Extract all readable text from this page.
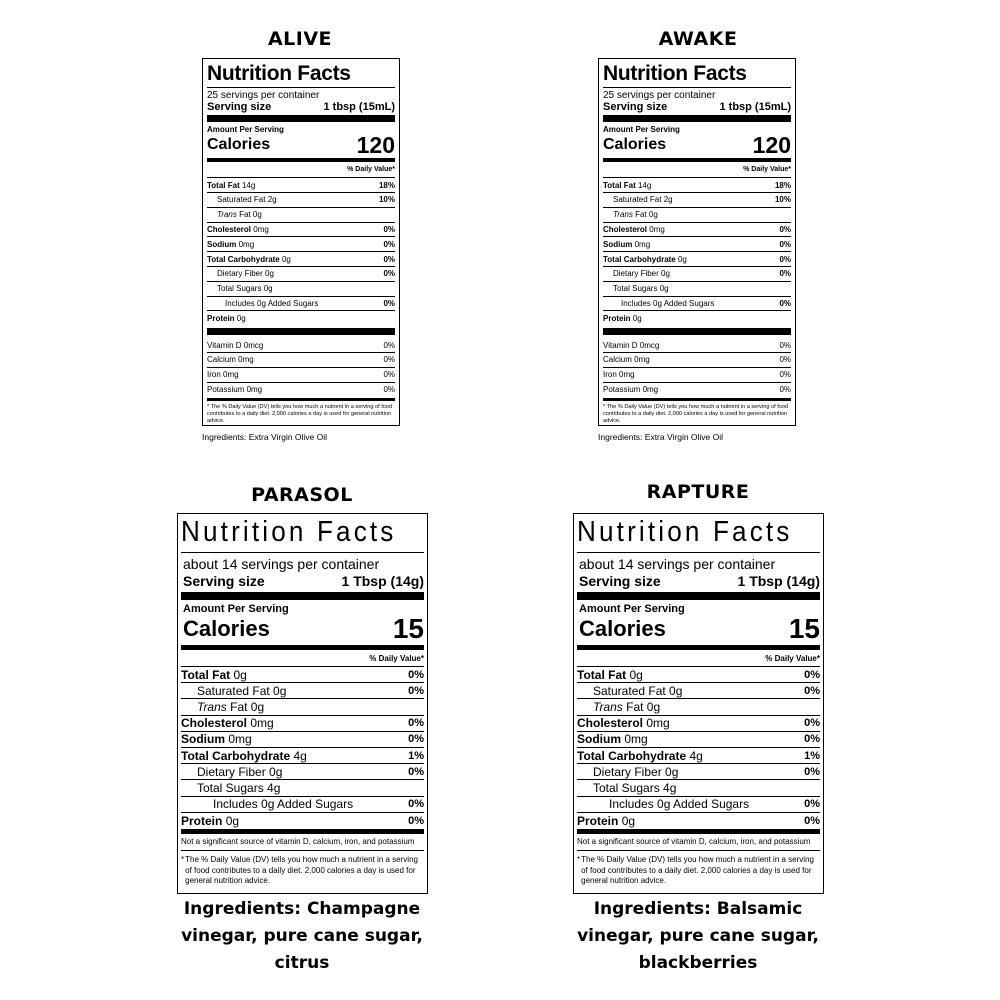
ALIVE
Nutrition Facts
25 servings per container
Serving size	1 tbsp (15mL)
Amount Per Serving
Calories	120
% Daily Value*
Total Fat 14g	18%
Saturated Fat 2g	10%
Trans Fat 0g
Cholesterol 0mg	0%
Sodium 0mg	0%
Total Carbohydrate 0g	0%
Dietary Fiber 0g	0%
Total Sugars 0g
Includes 0g Added Sugars	0%
Protein 0g
Vitamin D 0mcg	0%
Calcium 0mg	0%
Iron 0mg	0%
Potassium 0mg	0%
* The % Daily Value (DV) tells you how much a nutrient in a serving of food contributes to a daily diet. 2,000 calories a day is used for general nutrition advice.
Ingredients: Extra Virgin Olive Oil
AWAKE
Nutrition Facts
25 servings per container
Serving size	1 tbsp (15mL)
Amount Per Serving
Calories	120
% Daily Value*
Total Fat 14g	18%
Saturated Fat 2g	10%
Trans Fat 0g
Cholesterol 0mg	0%
Sodium 0mg	0%
Total Carbohydrate 0g	0%
Dietary Fiber 0g	0%
Total Sugars 0g
Includes 0g Added Sugars	0%
Protein 0g
Vitamin D 0mcg	0%
Calcium 0mg	0%
Iron 0mg	0%
Potassium 0mg	0%
* The % Daily Value (DV) tells you how much a nutrient in a serving of food contributes to a daily diet. 2,000 calories a day is used for general nutrition advice.
Ingredients: Extra Virgin Olive Oil
PARASOL
Nutrition Facts
about 14 servings per container
Serving size	1 Tbsp (14g)
Amount Per Serving
Calories	15
% Daily Value*
Total Fat 0g	0%
Saturated Fat 0g	0%
Trans Fat 0g
Cholesterol 0mg	0%
Sodium 0mg	0%
Total Carbohydrate 4g	1%
Dietary Fiber 0g	0%
Total Sugars 4g
Includes 0g Added Sugars	0%
Protein 0g	0%
Not a significant source of vitamin D, calcium, iron, and potassium
* The % Daily Value (DV) tells you how much a nutrient in a serving of food contributes to a daily diet. 2,000 calories a day is used for general nutrition advice.
Ingredients: Champagne vinegar, pure cane sugar, citrus
RAPTURE
Nutrition Facts
about 14 servings per container
Serving size	1 Tbsp (14g)
Amount Per Serving
Calories	15
% Daily Value*
Total Fat 0g	0%
Saturated Fat 0g	0%
Trans Fat 0g
Cholesterol 0mg	0%
Sodium 0mg	0%
Total Carbohydrate 4g	1%
Dietary Fiber 0g	0%
Total Sugars 4g
Includes 0g Added Sugars	0%
Protein 0g	0%
Not a significant source of vitamin D, calcium, iron, and potassium
* The % Daily Value (DV) tells you how much a nutrient in a serving of food contributes to a daily diet. 2,000 calories a day is used for general nutrition advice.
Ingredients: Balsamic vinegar, pure cane sugar, blackberries
